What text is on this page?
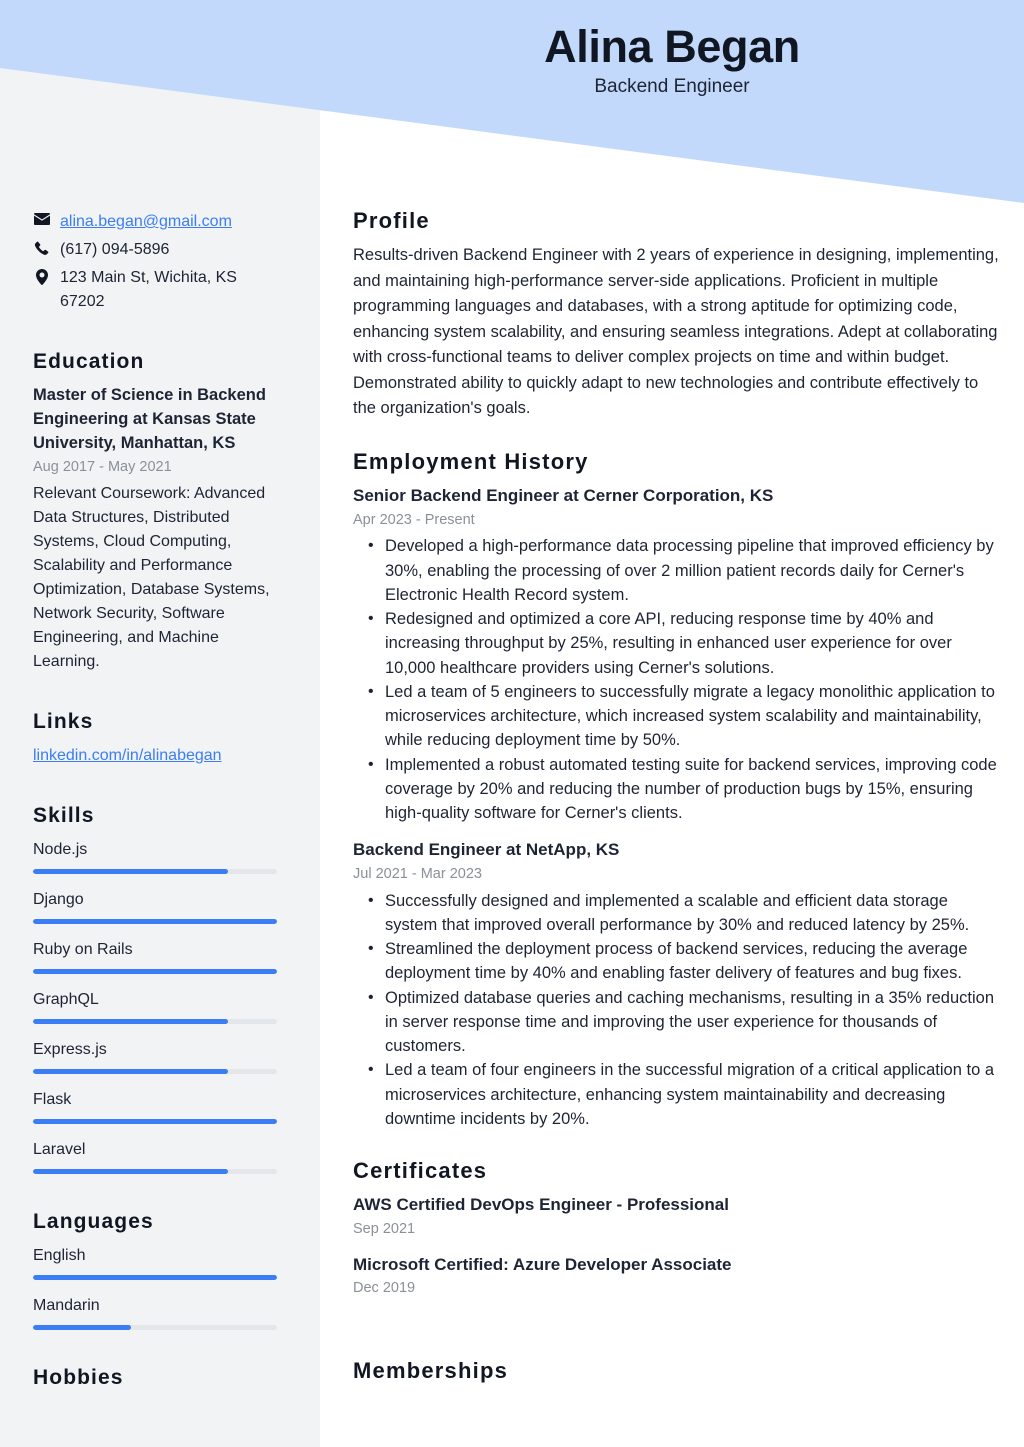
Alina Began
Backend Engineer
alina.began@gmail.com
(617) 094-5896
123 Main St, Wichita, KS 67202
Education
Master of Science in Backend Engineering at Kansas State University, Manhattan, KS
Aug 2017 - May 2021
Relevant Coursework: Advanced Data Structures, Distributed Systems, Cloud Computing, Scalability and Performance Optimization, Database Systems, Network Security, Software Engineering, and Machine Learning.
Links
linkedin.com/in/alinabegan
Skills
Node.js
Django
Ruby on Rails
GraphQL
Express.js
Flask
Laravel
Languages
English
Mandarin
Hobbies
Profile
Results-driven Backend Engineer with 2 years of experience in designing, implementing, and maintaining high-performance server-side applications. Proficient in multiple programming languages and databases, with a strong aptitude for optimizing code, enhancing system scalability, and ensuring seamless integrations. Adept at collaborating with cross-functional teams to deliver complex projects on time and within budget. Demonstrated ability to quickly adapt to new technologies and contribute effectively to the organization's goals.
Employment History
Senior Backend Engineer at Cerner Corporation, KS
Apr 2023 - Present
• Developed a high-performance data processing pipeline that improved efficiency by 30%, enabling the processing of over 2 million patient records daily for Cerner's Electronic Health Record system.
• Redesigned and optimized a core API, reducing response time by 40% and increasing throughput by 25%, resulting in enhanced user experience for over 10,000 healthcare providers using Cerner's solutions.
• Led a team of 5 engineers to successfully migrate a legacy monolithic application to microservices architecture, which increased system scalability and maintainability, while reducing deployment time by 50%.
• Implemented a robust automated testing suite for backend services, improving code coverage by 20% and reducing the number of production bugs by 15%, ensuring high-quality software for Cerner's clients.
Backend Engineer at NetApp, KS
Jul 2021 - Mar 2023
• Successfully designed and implemented a scalable and efficient data storage system that improved overall performance by 30% and reduced latency by 25%.
• Streamlined the deployment process of backend services, reducing the average deployment time by 40% and enabling faster delivery of features and bug fixes.
• Optimized database queries and caching mechanisms, resulting in a 35% reduction in server response time and improving the user experience for thousands of customers.
• Led a team of four engineers in the successful migration of a critical application to a microservices architecture, enhancing system maintainability and decreasing downtime incidents by 20%.
Certificates
AWS Certified DevOps Engineer - Professional
Sep 2021
Microsoft Certified: Azure Developer Associate
Dec 2019
Memberships
